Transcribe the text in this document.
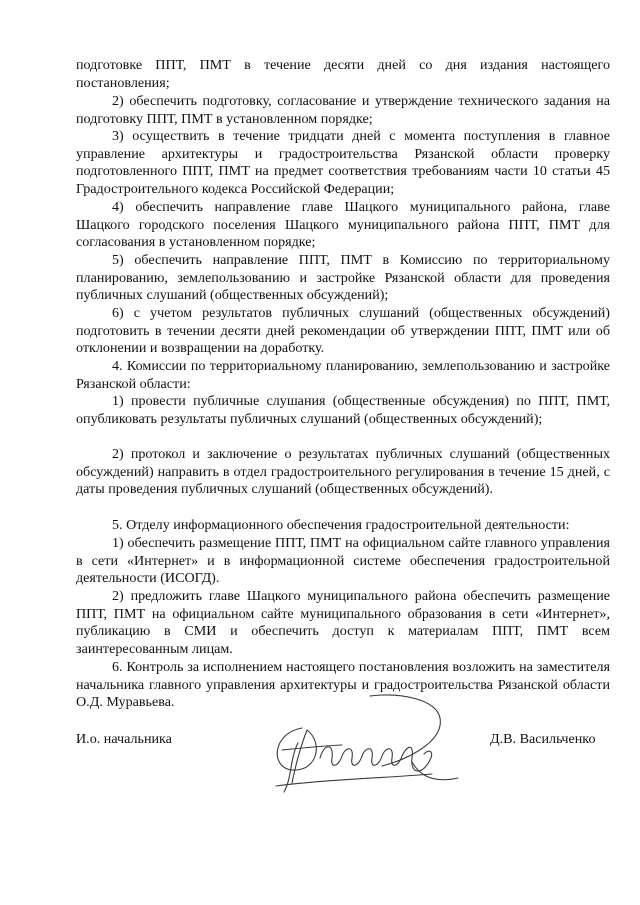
подготовке ППТ, ПМТ в течение десяти дней со дня издания настоящего постановления;

2) обеспечить подготовку, согласование и утверждение технического задания на подготовку ППТ, ПМТ в установленном порядке;

3) осуществить в течение тридцати дней с момента поступления в главное управление архитектуры и градостроительства Рязанской области проверку подготовленного ППТ, ПМТ на предмет соответствия требованиям части 10 статьи 45 Градостроительного кодекса Российской Федерации;

4) обеспечить направление главе Шацкого муниципального района, главе Шацкого городского поселения Шацкого муниципального района ППТ, ПМТ для согласования в установленном порядке;

5) обеспечить направление ППТ, ПМТ в Комиссию по территориальному планированию, землепользованию и застройке Рязанской области для проведения публичных слушаний (общественных обсуждений);

6) с учетом результатов публичных слушаний (общественных обсуждений) подготовить в течении десяти дней рекомендации об утверждении ППТ, ПМТ или об отклонении и возвращении на доработку.

4. Комиссии по территориальному планированию, землепользованию и застройке Рязанской области:

1) провести публичные слушания (общественные обсуждения) по ППТ, ПМТ, опубликовать результаты публичных слушаний (общественных обсуждений);

2) протокол и заключение о результатах публичных слушаний (общественных обсуждений) направить в отдел градостроительного регулирования в течение 15 дней, с даты проведения публичных слушаний (общественных обсуждений).

5. Отделу информационного обеспечения градостроительной деятельности:

1) обеспечить размещение ППТ, ПМТ на официальном сайте главного управления в сети «Интернет» и в информационной системе обеспечения градостроительной деятельности (ИСОГД).

2) предложить главе Шацкого муниципального района обеспечить размещение ППТ, ПМТ на официальном сайте муниципального образования в сети «Интернет», публикацию в СМИ и обеспечить доступ к материалам ППТ, ПМТ всем заинтересованным лицам.

6. Контроль за исполнением настоящего постановления возложить на заместителя начальника главного управления архитектуры и градостроительства Рязанской области О.Д. Муравьева.

И.о. начальника	Д.В. Васильченко
